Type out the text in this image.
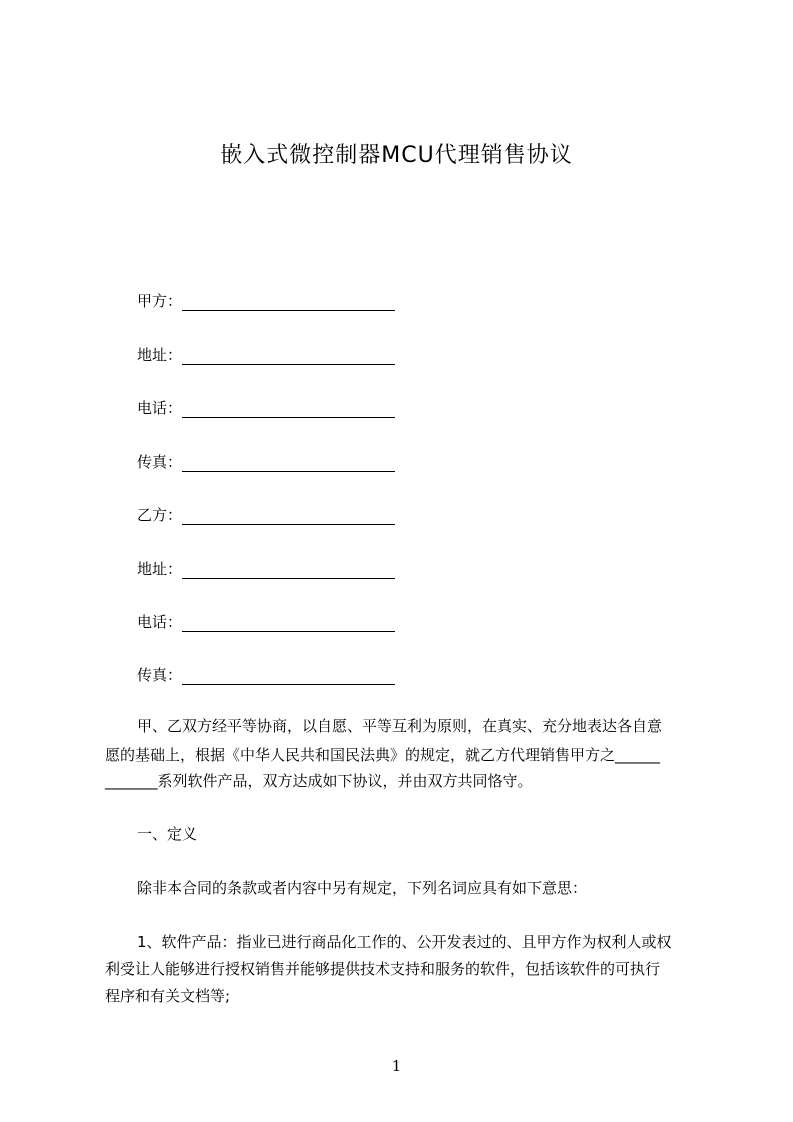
嵌入式微控制器MCU代理销售协议
甲方：
地址：
电话：
传真：
乙方：
地址：
电话：
传真：
甲、乙双方经平等协商，以自愿、平等互利为原则，在真实、充分地表达各自意
愿的基础上，根据《中华人民共和国民法典》的规定，就乙方代理销售甲方之______
_______系列软件产品，双方达成如下协议，并由双方共同恪守。
一、定义
除非本合同的条款或者内容中另有规定，下列名词应具有如下意思：
1、软件产品：指业已进行商品化工作的、公开发表过的、且甲方作为权利人或权
利受让人能够进行授权销售并能够提供技术支持和服务的软件，包括该软件的可执行
程序和有关文档等;
1
